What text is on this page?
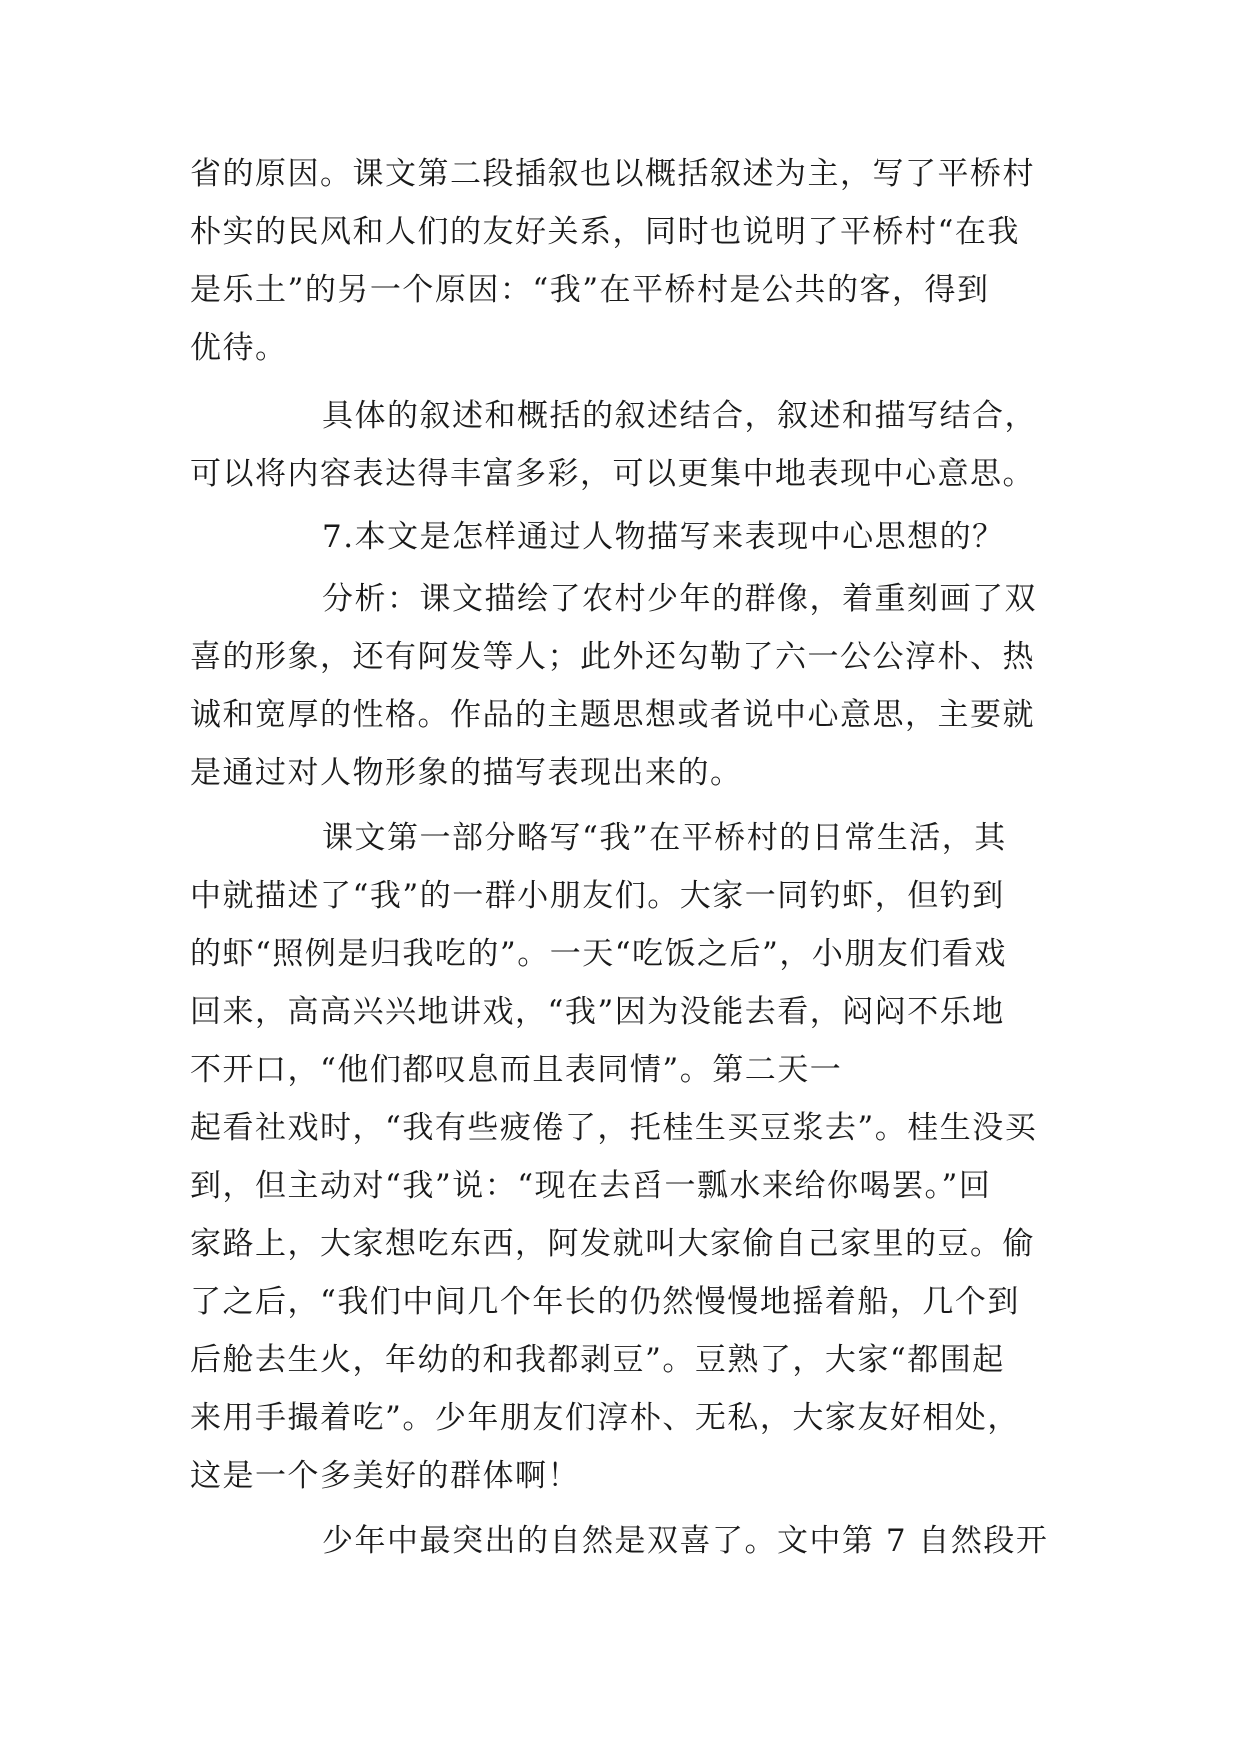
省的原因。课文第二段插叙也以概括叙述为主，写了平桥村
朴实的民风和人们的友好关系，同时也说明了平桥村“在我
是乐土”的另一个原因：“我”在平桥村是公共的客，得到
优待。
具体的叙述和概括的叙述结合，叙述和描写结合，
可以将内容表达得丰富多彩，可以更集中地表现中心意思。
7.本文是怎样通过人物描写来表现中心思想的？
分析：课文描绘了农村少年的群像，着重刻画了双
喜的形象，还有阿发等人；此外还勾勒了六一公公淳朴、热
诚和宽厚的性格。作品的主题思想或者说中心意思，主要就
是通过对人物形象的描写表现出来的。
课文第一部分略写“我”在平桥村的日常生活，其
中就描述了“我”的一群小朋友们。大家一同钓虾，但钓到
的虾“照例是归我吃的”。一天“吃饭之后”，小朋友们看戏
回来，高高兴兴地讲戏，“我”因为没能去看，闷闷不乐地
不开口，“他们都叹息而且表同情”。第二天一
起看社戏时，“我有些疲倦了，托桂生买豆浆去”。桂生没买
到，但主动对“我”说：“现在去舀一瓢水来给你喝罢。”回
家路上，大家想吃东西，阿发就叫大家偷自己家里的豆。偷
了之后，“我们中间几个年长的仍然慢慢地摇着船，几个到
后舱去生火，年幼的和我都剥豆”。豆熟了，大家“都围起
来用手撮着吃”。少年朋友们淳朴、无私，大家友好相处，
这是一个多美好的群体啊！
少年中最突出的自然是双喜了。文中第 7 自然段开
